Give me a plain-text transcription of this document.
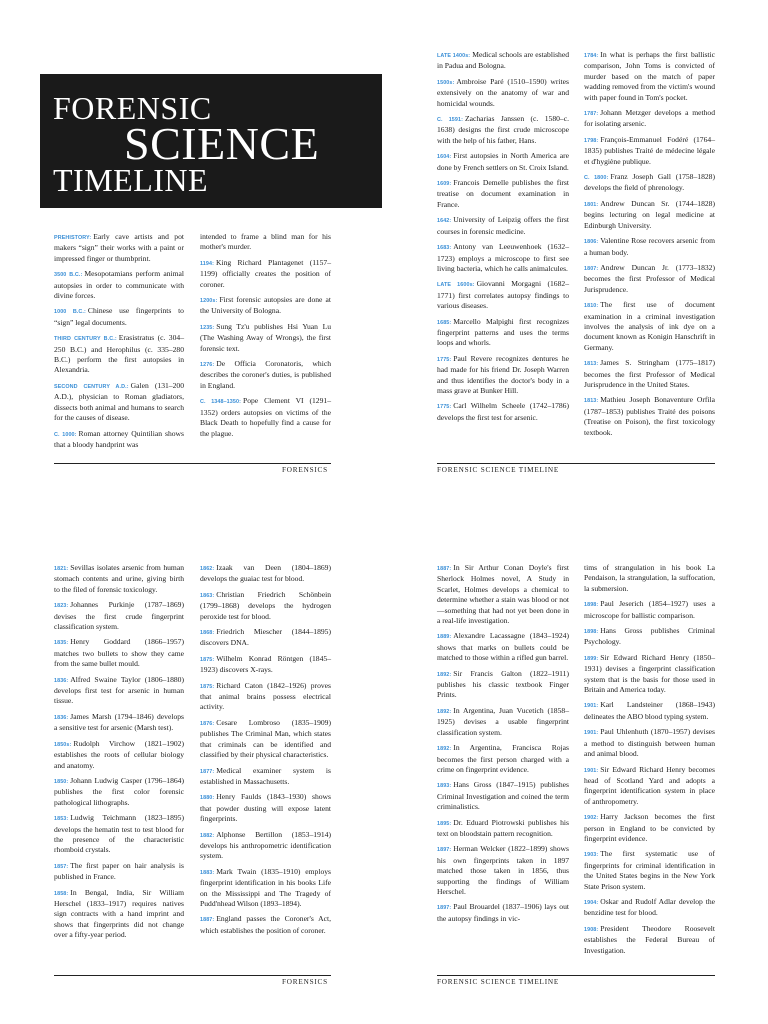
FORENSIC
SCIENCE
TIMELINE

PREHISTORY: Early cave artists and pot makers “sign” their works with a paint or impressed finger or thumbprint.

3500 B.C.: Mesopotamians perform animal autopsies in order to communicate with divine forces.

1000 B.C.: Chinese use fingerprints to “sign” legal documents.

THIRD CENTURY B.C.: Erasistratus (c. 304–250 B.C.) and Herophilus (c. 335–280 B.C.) perform the first autopsies in Alexandria.

SECOND CENTURY A.D.: Galen (131–200 A.D.), physician to Roman gladiators, dissects both animal and humans to search for the causes of disease.

C. 1000: Roman attorney Quintilian shows that a bloody handprint was

intended to frame a blind man for his mother's murder.

1194: King Richard Plantagenet (1157–1199) officially creates the position of coroner.

1200s: First forensic autopsies are done at the University of Bologna.

1235: Sung Tz'u publishes Hsi Yuan Lu (The Washing Away of Wrongs), the first forensic text.

1276: De Officia Coronatoris, which describes the coroner's duties, is published in England.

C. 1348–1350: Pope Clement VI (1291–1352) orders autopsies on victims of the Black Death to hopefully find a cause for the plague.

LATE 1400s: Medical schools are established in Padua and Bologna.

1500s: Ambroise Paré (1510–1590) writes extensively on the anatomy of war and homicidal wounds.

C. 1591: Zacharias Janssen (c. 1580–c. 1638) designs the first crude microscope with the help of his father, Hans.

1604: First autopsies in North America are done by French settlers on St. Croix Island.

1609: Francois Demelle publishes the first treatise on document examination in France.

1642: University of Leipzig offers the first courses in forensic medicine.

1683: Antony van Leeuwenhoek (1632–1723) employs a microscope to first see living bacteria, which he calls animalcules.

LATE 1600s: Giovanni Morgagni (1682–1771) first correlates autopsy findings to various diseases.

1685: Marcello Malpighi first recognizes fingerprint patterns and uses the terms loops and whorls.

1775: Paul Revere recognizes dentures he had made for his friend Dr. Joseph Warren and thus identifies the doctor's body in a mass grave at Bunker Hill.

1775: Carl Wilhelm Scheele (1742–1786) develops the first test for arsenic.

1784: In what is perhaps the first ballistic comparison, John Toms is convicted of murder based on the match of paper wadding removed from the victim's wound with paper found in Tom's pocket.

1787: Johann Metzger develops a method for isolating arsenic.

1798: François-Emmanuel Fodéré (1764–1835) publishes Traité de médecine légale et d'hygiène publique.

C. 1800: Franz Joseph Gall (1758–1828) develops the field of phrenology.

1801: Andrew Duncan Sr. (1744–1828) begins lecturing on legal medicine at Edinburgh University.

1806: Valentine Rose recovers arsenic from a human body.

1807: Andrew Duncan Jr. (1773–1832) becomes the first Professor of Medical Jurisprudence.

1810: The first use of document examination in a criminal investigation involves the analysis of ink dye on a document known as Konigin Hanschrift in Germany.

1813: James S. Stringham (1775–1817) becomes the first Professor of Medical Jurisprudence in the United States.

1813: Mathieu Joseph Bonaventure Orfila (1787–1853) publishes Traité des poisons (Treatise on Poison), the first toxicology textbook.

1821: Sevillas isolates arsenic from human stomach contents and urine, giving birth to the filed of forensic toxicology.

1823: Johannes Purkinje (1787–1869) devises the first crude fingerprint classification system.

1835: Henry Goddard (1866–1957) matches two bullets to show they came from the same bullet mould.

1836: Alfred Swaine Taylor (1806–1880) develops first test for arsenic in human tissue.

1836: James Marsh (1794–1846) develops a sensitive test for arsenic (Marsh test).

1850s: Rudolph Virchow (1821–1902) establishes the roots of cellular biology and anatomy.

1850: Johann Ludwig Casper (1796–1864) publishes the first color forensic pathological lithographs.

1853: Ludwig Teichmann (1823–1895) develops the hematin test to test blood for the presence of the characteristic rhomboid crystals.

1857: The first paper on hair analysis is published in France.

1858: In Bengal, India, Sir William Herschel (1833–1917) requires natives sign contracts with a hand imprint and shows that fingerprints did not change over a fifty-year period.

1862: Izaak van Deen (1804–1869) develops the guaiac test for blood.

1863: Christian Friedrich Schönbein (1799–1868) develops the hydrogen peroxide test for blood.

1868: Friedrich Miescher (1844–1895) discovers DNA.

1875: Wilhelm Konrad Röntgen (1845–1923) discovers X-rays.

1875: Richard Caton (1842–1926) proves that animal brains possess electrical activity.

1876: Cesare Lombroso (1835–1909) publishes The Criminal Man, which states that criminals can be identified and classified by their physical characteristics.

1877: Medical examiner system is established in Massachusetts.

1880: Henry Faulds (1843–1930) shows that powder dusting will expose latent fingerprints.

1882: Alphonse Bertillon (1853–1914) develops his anthropometric identification system.

1883: Mark Twain (1835–1910) employs fingerprint identification in his books Life on the Mississippi and The Tragedy of Pudd'nhead Wilson (1893–1894).

1887: England passes the Coroner's Act, which establishes the position of coroner.

1887: In Sir Arthur Conan Doyle's first Sherlock Holmes novel, A Study in Scarlet, Holmes develops a chemical to determine whether a stain was blood or not—something that had not yet been done in a real-life investigation.

1889: Alexandre Lacassagne (1843–1924) shows that marks on bullets could be matched to those within a rifled gun barrel.

1892: Sir Francis Galton (1822–1911) publishes his classic textbook Finger Prints.

1892: In Argentina, Juan Vucetich (1858–1925) devises a usable fingerprint classification system.

1892: In Argentina, Francisca Rojas becomes the first person charged with a crime on fingerprint evidence.

1893: Hans Gross (1847–1915) publishes Criminal Investigation and coined the term criminalistics.

1895: Dr. Eduard Piotrowski publishes his text on bloodstain pattern recognition.

1897: Herman Welcker (1822–1899) shows his own fingerprints taken in 1897 matched those taken in 1856, thus supporting the findings of William Herschel.

1897: Paul Brouardel (1837–1906) lays out the autopsy findings in vic-

tims of strangulation in his book La Pendaison, la strangulation, la suffocation, la submersion.

1898: Paul Jeserich (1854–1927) uses a microscope for ballistic comparison.

1898: Hans Gross publishes Criminal Psychology.

1899: Sir Edward Richard Henry (1850–1931) devises a fingerprint classification system that is the basis for those used in Britain and America today.

1901: Karl Landsteiner (1868–1943) delineates the ABO blood typing system.

1901: Paul Uhlenhuth (1870–1957) devises a method to distinguish between human and animal blood.

1901: Sir Edward Richard Henry becomes head of Scotland Yard and adopts a fingerprint identification system in place of anthropometry.

1902: Harry Jackson becomes the first person in England to be convicted by fingerprint evidence.

1903: The first systematic use of fingerprints for criminal identification in the United States begins in the New York State Prison system.

1904: Oskar and Rudolf Adlar develop the benzidine test for blood.

1908: President Theodore Roosevelt establishes the Federal Bureau of Investigation.

FORENSICS	FORENSIC SCIENCE TIMELINE
FORENSICS	FORENSIC SCIENCE TIMELINE
